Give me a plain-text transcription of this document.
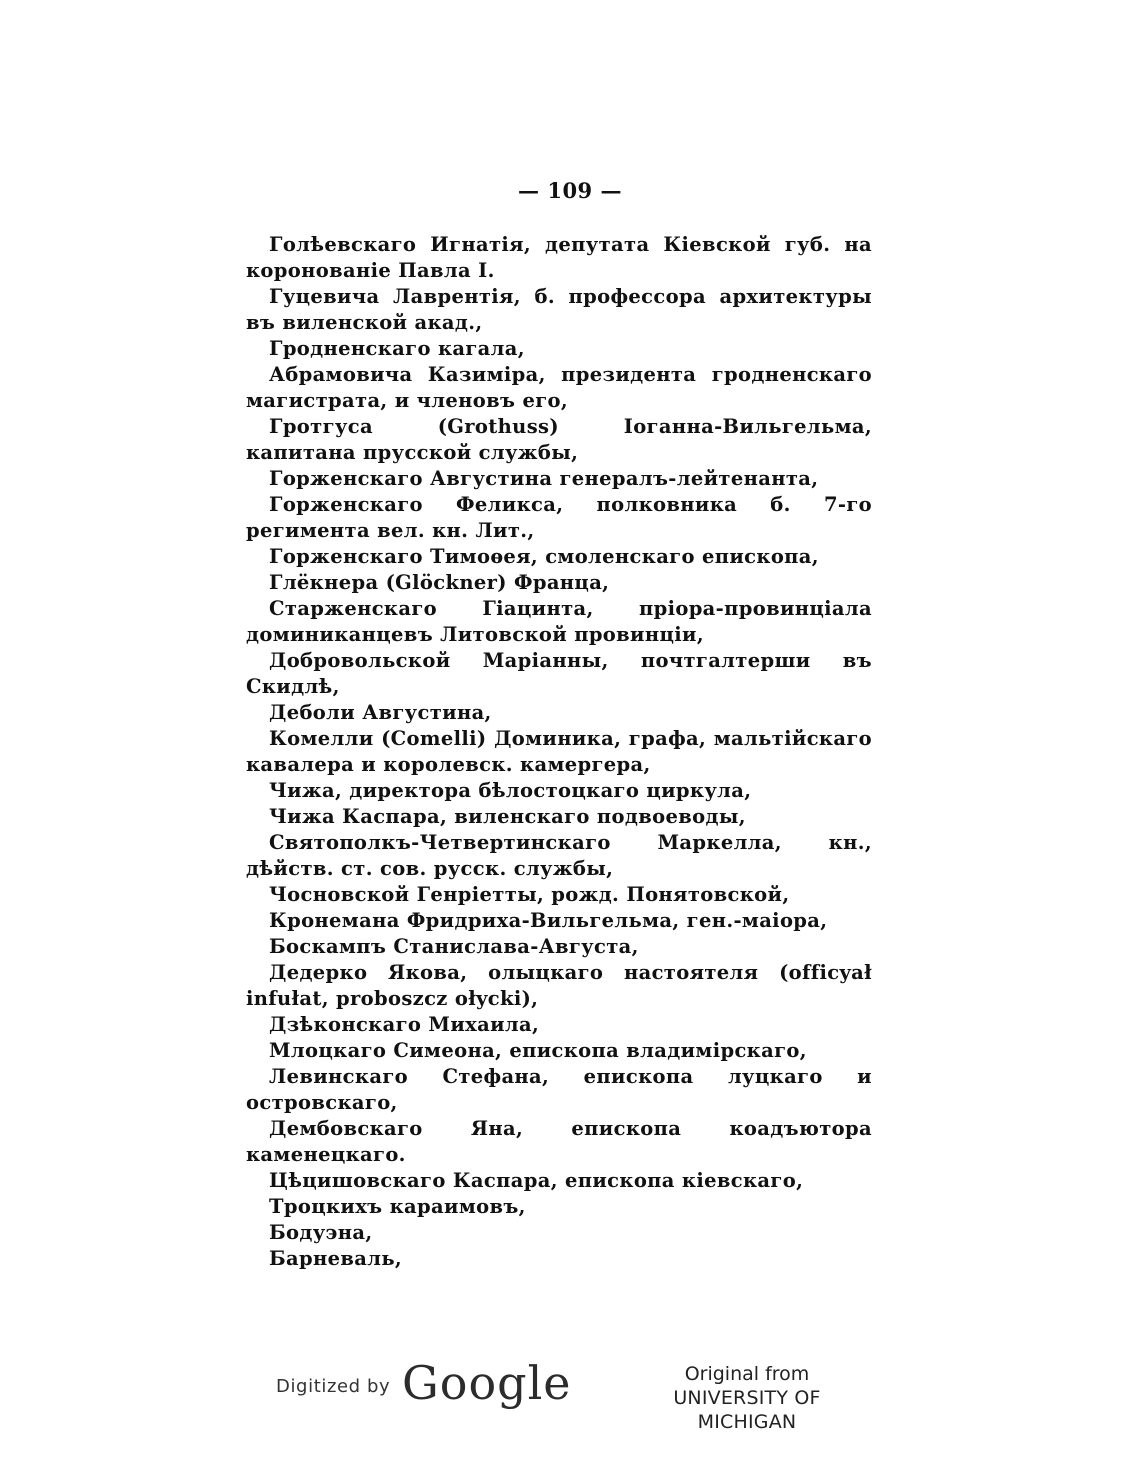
— 109 —

Голѣевскаго Игнатія, депутата Кіевской губ. на коронованіе Павла I.

Гуцевича Лаврентія, б. профессора архитектуры въ виленской акад.,

Гродненскаго кагала,

Абрамовича Казиміра, президента гродненскаго магистрата, и членовъ его,

Гротгуса (Grothuss) Іоганна-Вильгельма, капитана прусской службы,

Горженскаго Августина генералъ-лейтенанта,

Горженскаго Феликса, полковника б. 7-го регимента вел. кн. Лит.,

Горженскаго Тимоѳея, смоленскаго епископа,

Глёкнера (Glöckner) Франца,

Старженскаго Гіацинта, пріора-провинціала доминиканцевъ Литовской провинціи,

Добровольской Маріанны, почтгалтерши въ Скидлѣ,

Деболи Августина,

Комелли (Comelli) Доминика, графа, мальтійскаго кавалера и королевск. камергера,

Чижа, директора бѣлостоцкаго циркула,

Чижа Каспара, виленскаго подвоеводы,

Святополкъ-Четвертинскаго Маркелла, кн., дѣйств. ст. сов. русск. службы,

Чосновской Генріетты, рожд. Понятовской,

Кронемана Фридриха-Вильгельма, ген.-маіора,

Боскампъ Станислава-Августа,

Дедерко Якова, олыцкаго настоятеля (officyał infułat, proboszcz ołycki),

Дзѣконскаго Михаила,

Млоцкаго Симеона, епископа владимірскаго,

Левинскаго Стефана, епископа луцкаго и островскаго,

Дембовскаго Яна, епископа коадъютора каменецкаго.

Цѣцишовскаго Каспара, епископа кіевскаго,

Троцкихъ караимовъ,

Бодуэна,

Барневаль,

Digitized by Google	Original from
UNIVERSITY OF MICHIGAN
